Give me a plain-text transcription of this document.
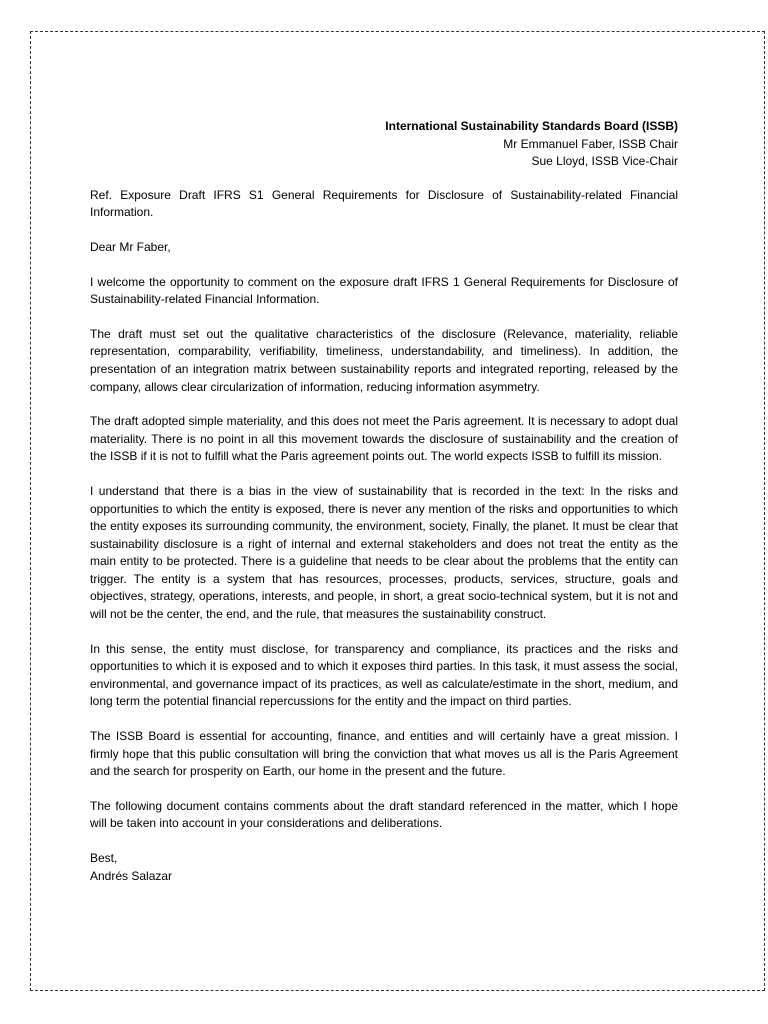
International Sustainability Standards Board (ISSB)
Mr Emmanuel Faber, ISSB Chair
Sue Lloyd, ISSB Vice-Chair

Ref. Exposure Draft IFRS S1 General Requirements for Disclosure of Sustainability-related Financial Information.

Dear Mr Faber,

I welcome the opportunity to comment on the exposure draft IFRS 1 General Requirements for Disclosure of Sustainability-related Financial Information.

The draft must set out the qualitative characteristics of the disclosure (Relevance, materiality, reliable representation, comparability, verifiability, timeliness, understandability, and timeliness). In addition, the presentation of an integration matrix between sustainability reports and integrated reporting, released by the company, allows clear circularization of information, reducing information asymmetry.

The draft adopted simple materiality, and this does not meet the Paris agreement. It is necessary to adopt dual materiality. There is no point in all this movement towards the disclosure of sustainability and the creation of the ISSB if it is not to fulfill what the Paris agreement points out. The world expects ISSB to fulfill its mission.

I understand that there is a bias in the view of sustainability that is recorded in the text: In the risks and opportunities to which the entity is exposed, there is never any mention of the risks and opportunities to which the entity exposes its surrounding community, the environment, society, Finally, the planet. It must be clear that sustainability disclosure is a right of internal and external stakeholders and does not treat the entity as the main entity to be protected. There is a guideline that needs to be clear about the problems that the entity can trigger. The entity is a system that has resources, processes, products, services, structure, goals and objectives, strategy, operations, interests, and people, in short, a great socio-technical system, but it is not and will not be the center, the end, and the rule, that measures the sustainability construct.

In this sense, the entity must disclose, for transparency and compliance, its practices and the risks and opportunities to which it is exposed and to which it exposes third parties. In this task, it must assess the social, environmental, and governance impact of its practices, as well as calculate/estimate in the short, medium, and long term the potential financial repercussions for the entity and the impact on third parties.

The ISSB Board is essential for accounting, finance, and entities and will certainly have a great mission. I firmly hope that this public consultation will bring the conviction that what moves us all is the Paris Agreement and the search for prosperity on Earth, our home in the present and the future.

The following document contains comments about the draft standard referenced in the matter, which I hope will be taken into account in your considerations and deliberations.

Best,
Andrés Salazar
